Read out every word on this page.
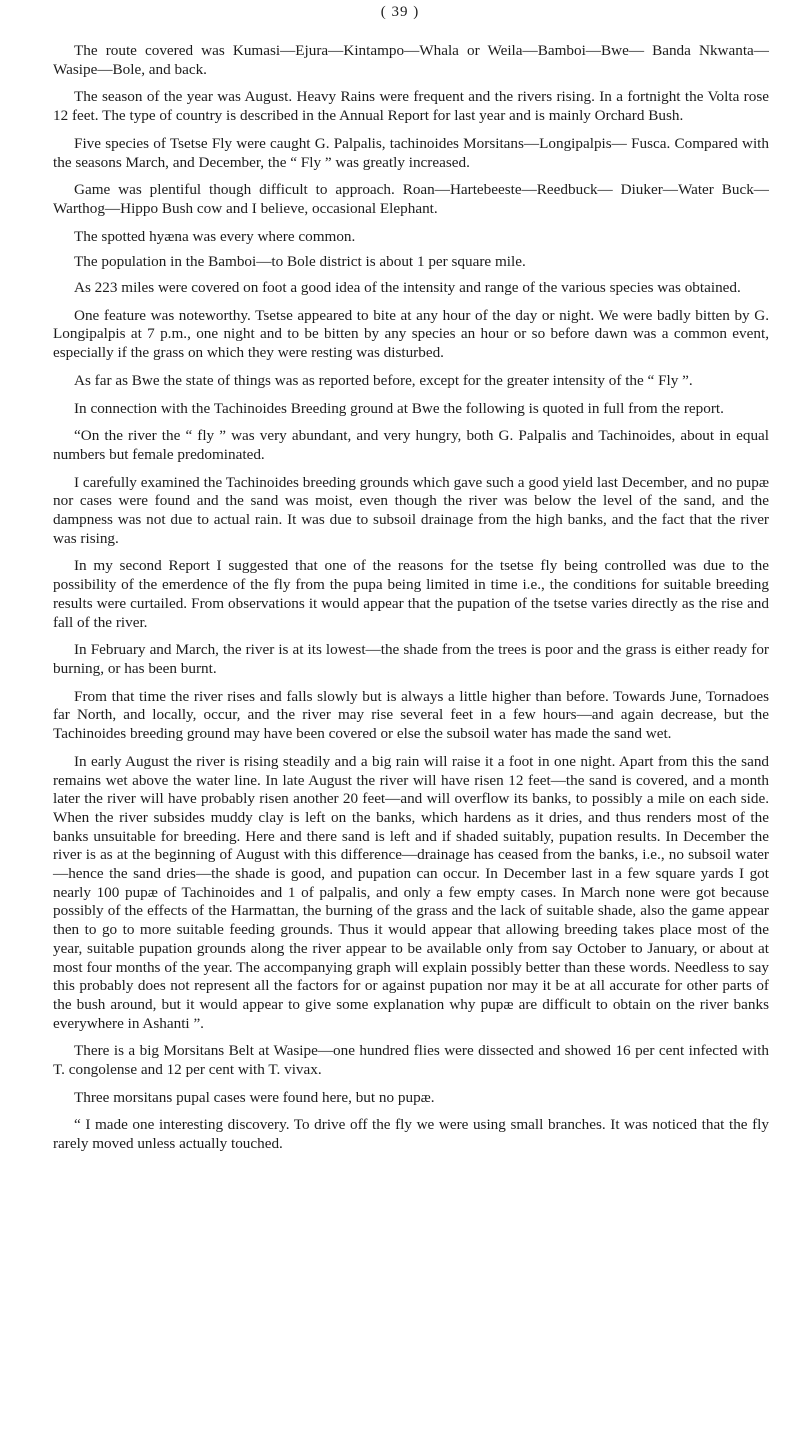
( 39 )

The route covered was Kumasi—Ejura—Kintampo—Whala or Weila—Bamboi—Bwe— Banda Nkwanta—Wasipe—Bole, and back.

The season of the year was August. Heavy Rains were frequent and the rivers rising. In a fortnight the Volta rose 12 feet. The type of country is described in the Annual Report for last year and is mainly Orchard Bush.

Five species of Tsetse Fly were caught G. Palpalis, tachinoides Morsitans—Longipalpis— Fusca. Compared with the seasons March, and December, the “ Fly ” was greatly increased.

Game was plentiful though difficult to approach. Roan—Hartebeeste—Reedbuck— Diuker—Water Buck—Warthog—Hippo Bush cow and I believe, occasional Elephant.

The spotted hyæna was every where common.

The population in the Bamboi—to Bole district is about 1 per square mile.

As 223 miles were covered on foot a good idea of the intensity and range of the various species was obtained.

One feature was noteworthy. Tsetse appeared to bite at any hour of the day or night. We were badly bitten by G. Longipalpis at 7 p.m., one night and to be bitten by any species an hour or so before dawn was a common event, especially if the grass on which they were resting was disturbed.

As far as Bwe the state of things was as reported before, except for the greater intensity of the “ Fly ”.

In connection with the Tachinoides Breeding ground at Bwe the following is quoted in full from the report.

“On the river the “ fly ” was very abundant, and very hungry, both G. Palpalis and Tachinoides, about in equal numbers but female predominated.

I carefully examined the Tachinoides breeding grounds which gave such a good yield last December, and no pupæ nor cases were found and the sand was moist, even though the river was below the level of the sand, and the dampness was not due to actual rain. It was due to subsoil drainage from the high banks, and the fact that the river was rising.

In my second Report I suggested that one of the reasons for the tsetse fly being controlled was due to the possibility of the emerdence of the fly from the pupa being limited in time i.e., the conditions for suitable breeding results were curtailed. From observations it would appear that the pupation of the tsetse varies directly as the rise and fall of the river.

In February and March, the river is at its lowest—the shade from the trees is poor and the grass is either ready for burning, or has been burnt.

From that time the river rises and falls slowly but is always a little higher than before. Towards June, Tornadoes far North, and locally, occur, and the river may rise several feet in a few hours—and again decrease, but the Tachinoides breeding ground may have been covered or else the subsoil water has made the sand wet.

In early August the river is rising steadily and a big rain will raise it a foot in one night. Apart from this the sand remains wet above the water line. In late August the river will have risen 12 feet—the sand is covered, and a month later the river will have probably risen another 20 feet—and will overflow its banks, to possibly a mile on each side. When the river subsides muddy clay is left on the banks, which hardens as it dries, and thus renders most of the banks unsuitable for breeding. Here and there sand is left and if shaded suitably, pupation results. In December the river is as at the beginning of August with this difference—drainage has ceased from the banks, i.e., no subsoil water—hence the sand dries—the shade is good, and pupation can occur. In December last in a few square yards I got nearly 100 pupæ of Tachinoides and 1 of palpalis, and only a few empty cases. In March none were got because possibly of the effects of the Harmattan, the burning of the grass and the lack of suitable shade, also the game appear then to go to more suitable feeding grounds. Thus it would appear that allowing breeding takes place most of the year, suitable pupation grounds along the river appear to be available only from say October to January, or about at most four months of the year. The accompanying graph will explain possibly better than these words. Needless to say this probably does not represent all the factors for or against pupation nor may it be at all accurate for other parts of the bush around, but it would appear to give some explanation why pupæ are difficult to obtain on the river banks everywhere in Ashanti ”.

There is a big Morsitans Belt at Wasipe—one hundred flies were dissected and showed 16 per cent infected with T. congolense and 12 per cent with T. vivax.

Three morsitans pupal cases were found here, but no pupæ.

“ I made one interesting discovery. To drive off the fly we were using small branches. It was noticed that the fly rarely moved unless actually touched.
